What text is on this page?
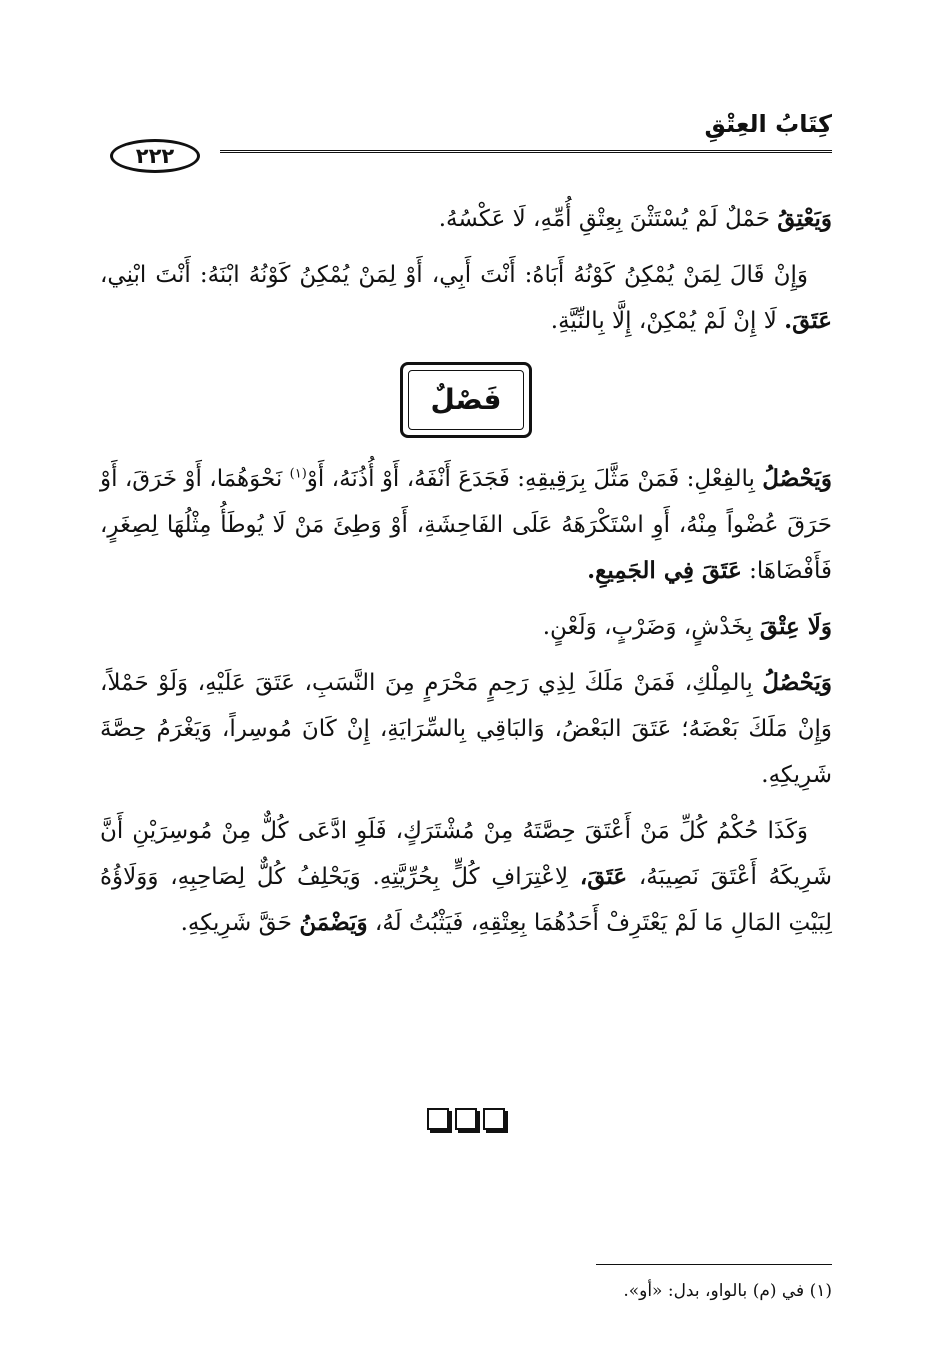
كِتَابُ العِتْقِ
٢٢٢

وَيَعْتِقُ حَمْلٌ لَمْ يُسْتَثْنَ بِعِتْقِ أُمِّهِ، لَا عَكْسُهُ.

وَإِنْ قَالَ لِمَنْ يُمْكِنُ كَوْنُهُ أَبَاهُ: أَنْتَ أَبِي، أَوْ لِمَنْ يُمْكِنُ كَوْنُهُ ابْنَهُ: أَنْتَ ابْنِي، عَتَقَ. لَا إِنْ لَمْ يُمْكِنْ، إِلَّا بِالنِّيَّةِ.

فَصْلٌ

وَيَحْصُلُ بِالفِعْلِ: فَمَنْ مَثَّلَ بِرَقِيقِهِ: فَجَدَعَ أَنْفَهُ، أَوْ أُذُنَهُ، أَوْ$^{(١)}$ نَحْوَهُمَا، أَوْ خَرَقَ، أَوْ حَرَقَ عُضْواً مِنْهُ، أَوِ اسْتَكْرَهَهُ عَلَى الفَاحِشَةِ، أَوْ وَطِئَ مَنْ لَا يُوطَأُ مِثْلُهَا لِصِغَرٍ، فَأَفْضَاهَا: عَتَقَ فِي الجَمِيعِ.

وَلَا عِتْقَ بِخَدْشٍ، وَضَرْبٍ، وَلَعْنٍ.

وَيَحْصُلُ بِالمِلْكِ، فَمَنْ مَلَكَ لِذِي رَحِمٍ مَحْرَمٍ مِنَ النَّسَبِ، عَتَقَ عَلَيْهِ، وَلَوْ حَمْلاً، وَإِنْ مَلَكَ بَعْضَهُ؛ عَتَقَ البَعْضُ، وَالبَاقِي بِالسِّرَايَةِ، إِنْ كَانَ مُوسِراً، وَيَغْرَمُ حِصَّةَ شَرِيكِهِ.

وَكَذَا حُكْمُ كُلِّ مَنْ أَعْتَقَ حِصَّتَهُ مِنْ مُشْتَرَكٍ، فَلَوِ ادَّعَى كُلٌّ مِنْ مُوسِرَيْنِ أَنَّ شَرِيكَهُ أَعْتَقَ نَصِيبَهُ، عَتَقَ، لِاعْتِرَافِ كُلٍّ بِحُرِّيَّتِهِ. وَيَحْلِفُ كُلٌّ لِصَاحِبِهِ، وَوَلَاؤُهُ لِبَيْتِ المَالِ مَا لَمْ يَعْتَرِفْ أَحَدُهُمَا بِعِتْقِهِ، فَيَثْبُتُ لَهُ، وَيَضْمَنُ حَقَّ شَرِيكِهِ.

(١) في (م) بالواو، بدل: «أو».
